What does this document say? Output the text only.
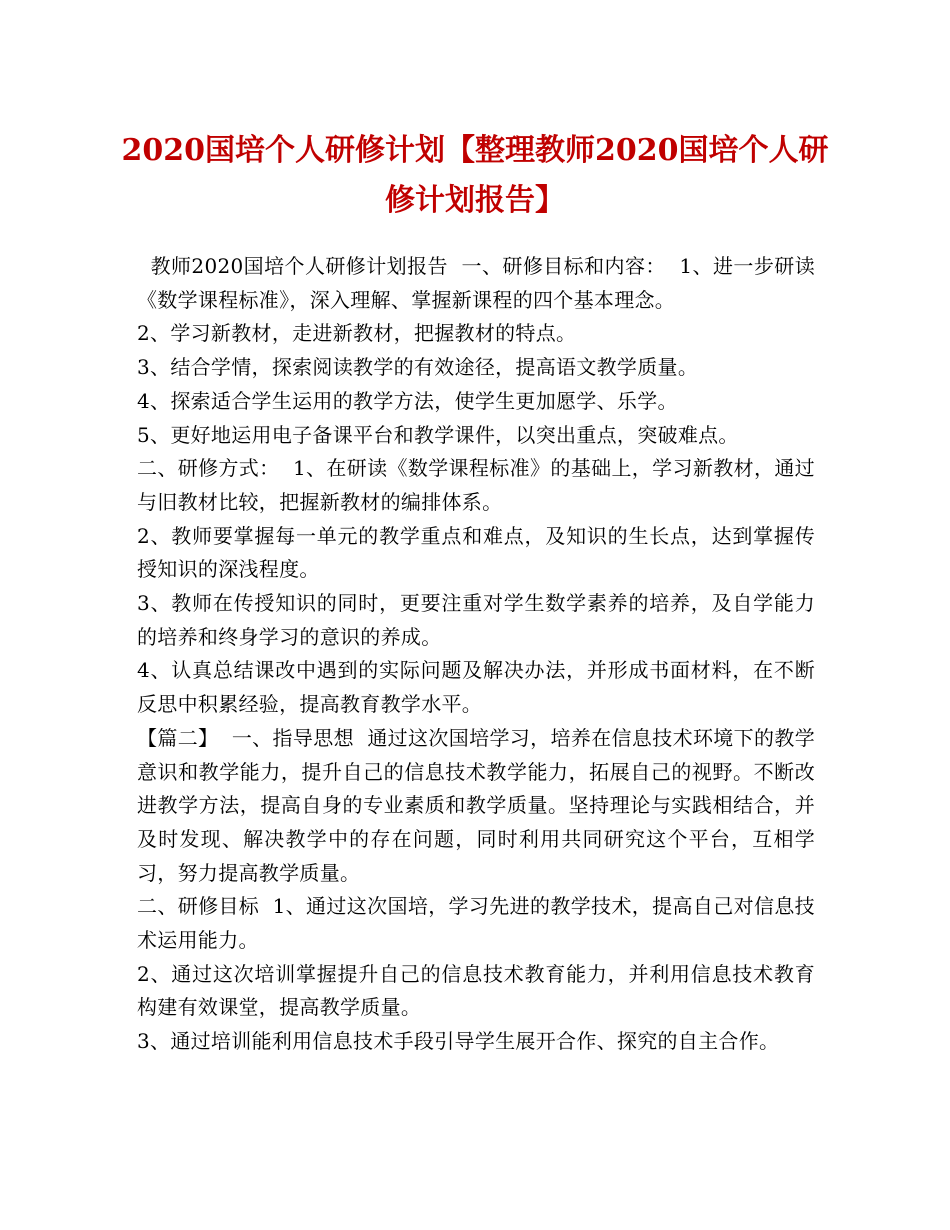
2020国培个人研修计划【整理教师2020国培个人研修计划报告】

教师2020国培个人研修计划报告  一、研修目标和内容：  1、进一步研读《数学课程标准》，深入理解、掌握新课程的四个基本理念。

2、学习新教材，走进新教材，把握教材的特点。

3、结合学情，探索阅读教学的有效途径，提高语文教学质量。

4、探索适合学生运用的教学方法，使学生更加愿学、乐学。

5、更好地运用电子备课平台和教学课件，以突出重点，突破难点。

二、研修方式：  1、在研读《数学课程标准》的基础上，学习新教材，通过与旧教材比较，把握新教材的编排体系。

2、教师要掌握每一单元的教学重点和难点，及知识的生长点，达到掌握传授知识的深浅程度。

3、教师在传授知识的同时，更要注重对学生数学素养的培养，及自学能力的培养和终身学习的意识的养成。

4、认真总结课改中遇到的实际问题及解决办法，并形成书面材料，在不断反思中积累经验，提高教育教学水平。

【篇二】  一、指导思想  通过这次国培学习，培养在信息技术环境下的教学意识和教学能力，提升自己的信息技术教学能力，拓展自己的视野。不断改进教学方法，提高自身的专业素质和教学质量。坚持理论与实践相结合，并及时发现、解决教学中的存在问题，同时利用共同研究这个平台，互相学习，努力提高教学质量。

二、研修目标  1、通过这次国培，学习先进的教学技术，提高自己对信息技术运用能力。

2、通过这次培训掌握提升自己的信息技术教育能力，并利用信息技术教育构建有效课堂，提高教学质量。

3、通过培训能利用信息技术手段引导学生展开合作、探究的自主合作。
